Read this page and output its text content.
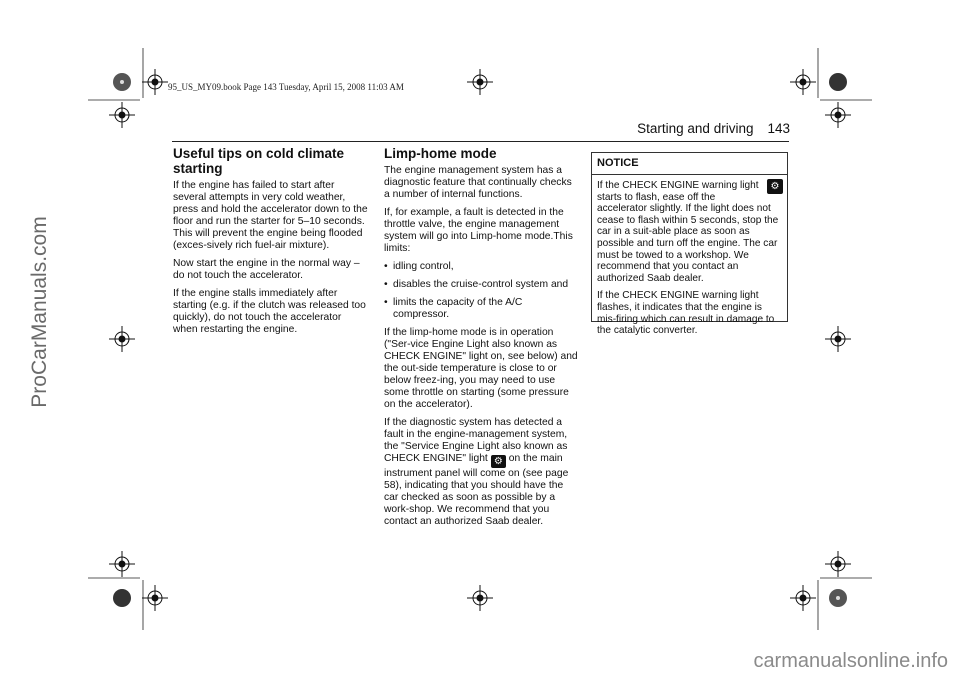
95_US_MY09.book Page 143 Tuesday, April 15, 2008 11:03 AM
Starting and driving 143
Useful tips on cold climate starting

If the engine has failed to start after several attempts in very cold weather, press and hold the accelerator down to the floor and run the starter for 5–10 seconds. This will prevent the engine being flooded (exces-sively rich fuel-air mixture).

Now start the engine in the normal way – do not touch the accelerator.

If the engine stalls immediately after starting (e.g. if the clutch was released too quickly), do not touch the accelerator when restarting the engine.

Limp-home mode

The engine management system has a diagnostic feature that continually checks a number of internal functions.

If, for example, a fault is detected in the throttle valve, the engine management system will go into Limp-home mode.This limits:

• idling control,

• disables the cruise-control system and

• limits the capacity of the A/C compressor.

If the limp-home mode is in operation ("Ser-vice Engine Light also known as CHECK ENGINE" light on, see below) and the out-side temperature is close to or below freez-ing, you may need to use some throttle on starting (some pressure on the accelerator).

If the diagnostic system has detected a fault in the engine-management system, the "Service Engine Light also known as CHECK ENGINE" light ⚙ on the main instrument panel will come on (see page 58), indicating that you should have the car checked as soon as possible by a work-shop. We recommend that you contact an authorized Saab dealer.

NOTICE

⚙
If the CHECK ENGINE warning light starts to flash, ease off the accelerator slightly. If the light does not cease to flash within 5 seconds, stop the car in a suit-able place as soon as possible and turn off the engine. The car must be towed to a workshop. We recommend that you contact an authorized Saab dealer.

If the CHECK ENGINE warning light flashes, it indicates that the engine is mis-firing which can result in damage to the catalytic converter.

ProCarManuals.com
carmanualsonline.info
